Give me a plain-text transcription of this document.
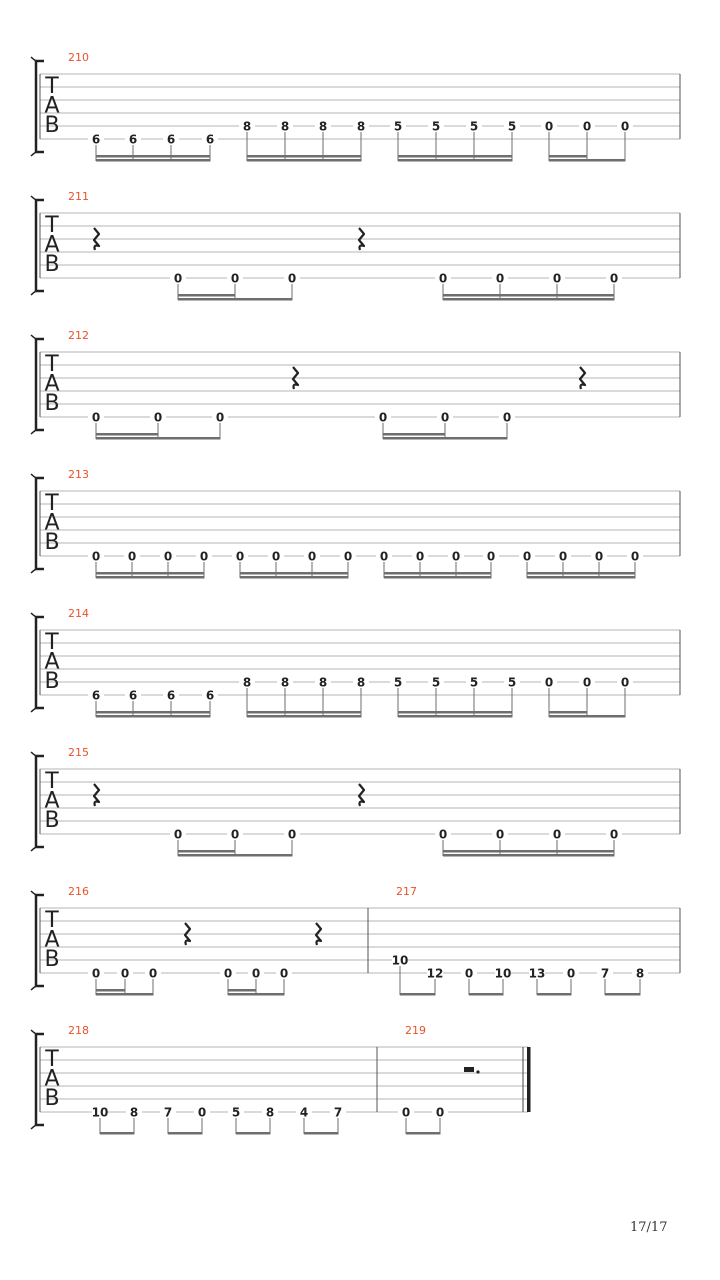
T
A
B
210
6 6 6	6
8 8 8 8 5 5 5 5 0 0 0
T
A
B
211
0	0	0	0	0	0	0
T
A
B
212
0	0	0	0	0	0
T
A
B
213
0 0 0 0 0 0 0 0 0 0 0 0 0 0 0 0
T
A
B
214
6 6 6	6
8 8 8 8 5 5 5 5 0 0 0
T
A
B
215
0	0	0	0	0	0	0
T
A
B
216
0 0 0	0 0 0
217
10
12 0 10 13 0 7 8
T
A
B
218
10 8 7 0 5 8 4 7
219
0 0
17/17
